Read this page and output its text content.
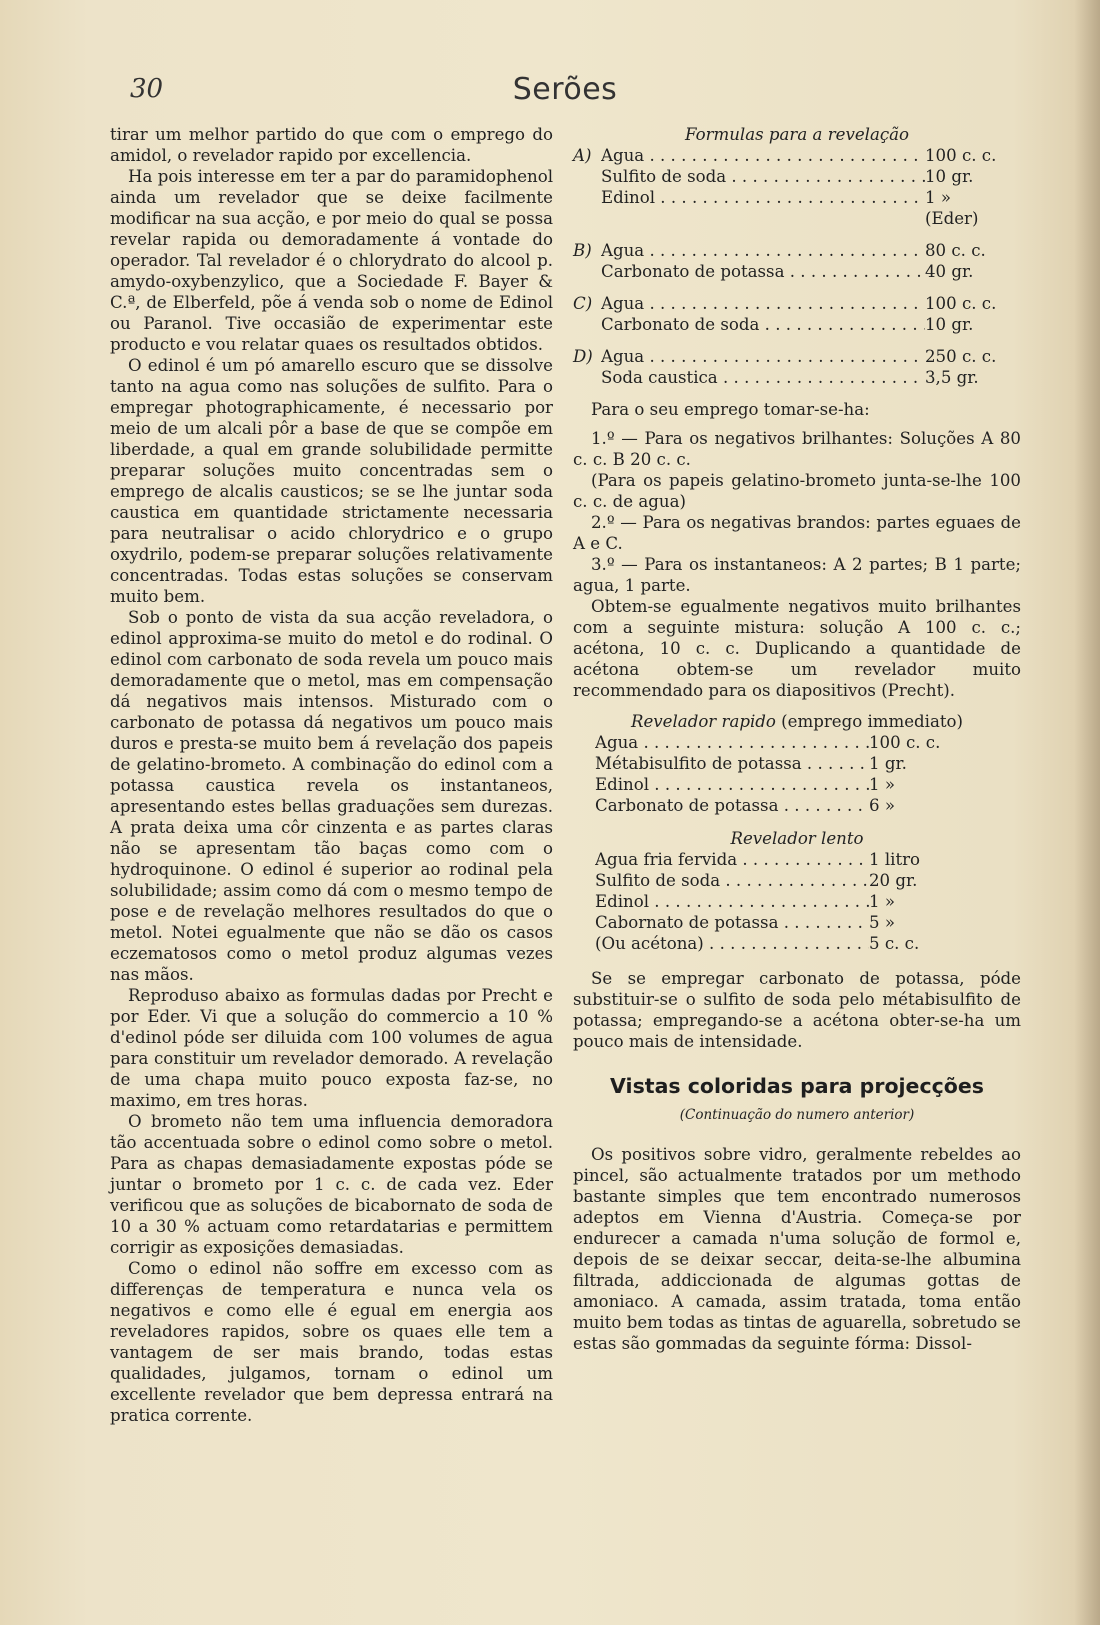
30	Serões

tirar um melhor partido do que com o emprego do amidol, o revelador rapido por excellencia.

Ha pois interesse em ter a par do paramidophenol ainda um revelador que se deixe facilmente modificar na sua acção, e por meio do qual se possa revelar rapida ou demoradamente á vontade do operador. Tal revelador é o chlorydrato do alcool p. amydo-oxybenzylico, que a Sociedade F. Bayer & C.ª, de Elberfeld, põe á venda sob o nome de Edinol ou Paranol. Tive occasião de experimentar este producto e vou relatar quaes os resultados obtidos.

O edinol é um pó amarello escuro que se dissolve tanto na agua como nas soluções de sulfito. Para o empregar photographicamente, é necessario por meio de um alcali pôr a base de que se compõe em liberdade, a qual em grande solubilidade permitte preparar soluções muito concentradas sem o emprego de alcalis causticos; se se lhe juntar soda caustica em quantidade strictamente necessaria para neutralisar o acido chlorydrico e o grupo oxydrilo, podem-se preparar soluções relativamente concentradas. Todas estas soluções se conservam muito bem.

Sob o ponto de vista da sua acção reveladora, o edinol approxima-se muito do metol e do rodinal. O edinol com carbonato de soda revela um pouco mais demoradamente que o metol, mas em compensação dá negativos mais intensos. Misturado com o carbonato de potassa dá negativos um pouco mais duros e presta-se muito bem á revelação dos papeis de gelatino-brometo. A combinação do edinol com a potassa caustica revela os instantaneos, apresentando estes bellas graduações sem durezas. A prata deixa uma côr cinzenta e as partes claras não se apresentam tão baças como com o hydroquinone. O edinol é superior ao rodinal pela solubilidade; assim como dá com o mesmo tempo de pose e de revelação melhores resultados do que o metol. Notei egualmente que não se dão os casos eczematosos como o metol produz algumas vezes nas mãos.

Reproduso abaixo as formulas dadas por Precht e por Eder. Vi que a solução do commercio a 10 % d'edinol póde ser diluida com 100 volumes de agua para constituir um revelador demorado. A revelação de uma chapa muito pouco exposta faz-se, no maximo, em tres horas.

O brometo não tem uma influencia demoradora tão accentuada sobre o edinol como sobre o metol. Para as chapas demasiadamente expostas póde se juntar o brometo por 1 c. c. de cada vez. Eder verificou que as soluções de bicabornato de soda de 10 a 30 % actuam como retardatarias e permittem corrigir as exposições demasiadas.

Como o edinol não soffre em excesso com as differenças de temperatura e nunca vela os negativos e como elle é egual em energia aos reveladores rapidos, sobre os quaes elle tem a vantagem de ser mais brando, todas estas qualidades, julgamos, tornam o edinol um excellente revelador que bem depressa entrará na pratica corrente.

Formulas para a revelação

A) Agua . . .	100 c. c.
Sulfito de soda . . .	10 gr.
Edinol . . .	1 »
(Eder)
B) Agua . . .	80 c. c.
Carbonato de potassa . . .	40 gr.
C) Agua . . .	100 c. c.
Carbonato de soda . . .	10 gr.
D) Agua . . .	250 c. c.
Soda caustica . . .	3,5 gr.

Para o seu emprego tomar-se-ha:

1.º — Para os negativos brilhantes: Soluções A 80 c. c. B 20 c. c.

(Para os papeis gelatino-brometo junta-se-lhe 100 c. c. de agua)

2.º — Para os negativas brandos: partes eguaes de A e C.

3.º — Para os instantaneos: A 2 partes; B 1 parte; agua, 1 parte.

Obtem-se egualmente negativos muito brilhantes com a seguinte mistura: solução A 100 c. c.; acétona, 10 c. c. Duplicando a quantidade de acétona obtem-se um revelador muito recommendado para os diapositivos (Precht).

Revelador rapido (emprego immediato)

Agua . . .	100 c. c.
Métabisulfito de potassa . . .	1 gr.
Edinol . . .	1 »
Carbonato de potassa . . .	6 »

Revelador lento

Agua fria fervida . . .	1 litro
Sulfito de soda . . .	20 gr.
Edinol . . .	1 »
Cabornato de potassa . . .	5 »
(Ou acétona) . . .	5 c. c.

Se se empregar carbonato de potassa, póde substituir-se o sulfito de soda pelo métabisulfito de potassa; empregando-se a acétona obter-se-ha um pouco mais de intensidade.

Vistas coloridas para projecções
(Continuação do numero anterior)

Os positivos sobre vidro, geralmente rebeldes ao pincel, são actualmente tratados por um methodo bastante simples que tem encontrado numerosos adeptos em Vienna d'Austria. Começa-se por endurecer a camada n'uma solução de formol e, depois de se deixar seccar, deita-se-lhe albumina filtrada, addiccionada de algumas gottas de amoniaco. A camada, assim tratada, toma então muito bem todas as tintas de aguarella, sobretudo se estas são gommadas da seguinte fórma: Dissol-
